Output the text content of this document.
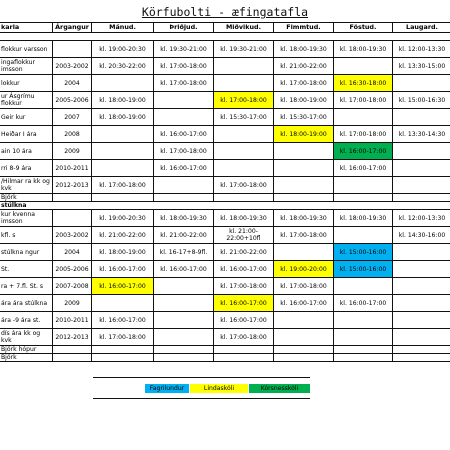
Körfubolti - æfingatafla
karla	Árgangur	Mánud.	Þriðjud.	Miðvikud.	Fimmtud.	Föstud.	Laugard.

flokkur varsson		kl. 19:00-20:30	kl. 19:30-21:00	kl. 19:30-21:00	kl. 18:00-19:30	kl. 18:00-19:30	kl. 12:00-13:30
ingaflokkur imsson	2003-2002	kl. 20:30-22:00	kl. 17:00-18:00		kl. 21:00-22:00		kl. 13:30-15:00
lokkur	2004		kl. 17:00-18:00		kl. 17:00-18:00	kl. 16:30-18:00	
ur Ásgrímu flokkur	2005-2006	kl. 18:00-19:00		kl. 17:00-18:00	kl. 18:00-19:00	kl. 17:00-18:00	kl. 15:00-16:30
Geir kur	2007	kl. 18:00-19:00		kl. 15:30-17:00	kl. 15:30-17:00		
Heiðar I ára	2008		kl. 16:00-17:00		kl. 18:00-19:00	kl. 17:00-18:00	kl. 13:30-14:30
ain 10 ára	2009		kl. 17:00-18:00			kl. 16:00-17:00	
rri 8-9 ára	2010-2011		kl. 16:00-17:00			kl. 16:00-17:00	
/Hilmar ra kk og kvk	2012-2013	kl. 17:00-18:00		kl. 17:00-18:00			
Björk							
stúlkna							
kur kvenna imsson		kl. 19:00-20:30	kl. 18:00-19:30	kl. 18:00-19:30	kl. 18:00-19:30	kl. 18:00-19:30	kl. 12:00-13:30
kfl. s	2003-2002	kl. 21:00-22:00	kl. 21:00-22:00	kl. 21:00-
22:00+10fl	kl. 17:00-18:00		kl. 14:30-16:00
stúlkna ngur	2004	kl. 18:00-19:00	kl. 16-17+8-9fl.	kl. 21:00-22:00		kl. 15:00-16:00	
St.	2005-2006	kl. 16:00-17:00	kl. 16:00-17:00	kl. 16:00-17:00	kl. 19:00-20:00	kl. 15:00-16:00	
ra + 7.fl. St. s	2007-2008	kl. 16:00-17:00		kl. 17:00-18:00	kl. 17:00-18:00		
ára ára stúlkna	2009			kl. 16:00-17:00	kl. 16:00-17:00	kl. 16:00-17:00	
ára -9 ára st.	2010-2011	kl. 16:00-17:00		kl. 16:00-17:00			
dís ára kk og kvk	2012-2013	kl. 17:00-18:00		kl. 17:00-18:00			
Björk hópur							
Björk							
Fagrilundur	Lindaskóli	Kórsnesskóli
